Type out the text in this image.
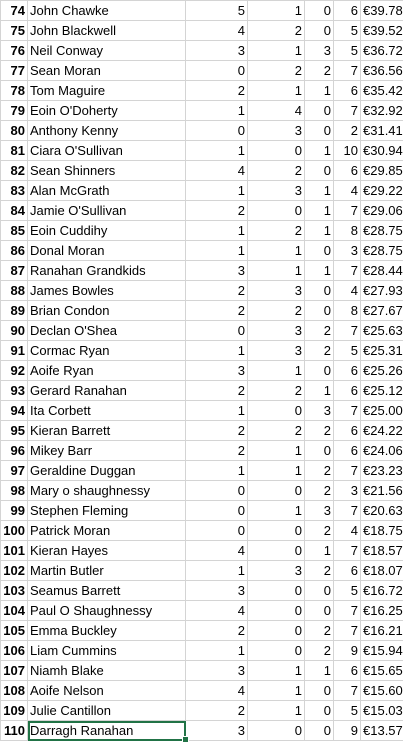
74	John Chawke	5	1	0	6	€39.78
75	John Blackwell	4	2	0	5	€39.52
76	Neil Conway	3	1	3	5	€36.72
77	Sean Moran	0	2	2	7	€36.56
78	Tom Maguire	2	1	1	6	€35.42
79	Eoin O'Doherty	1	4	0	7	€32.92
80	Anthony Kenny	0	3	0	2	€31.41
81	Ciara O'Sullivan	1	0	1	10	€30.94
82	Sean Shinners	4	2	0	6	€29.85
83	Alan McGrath	1	3	1	4	€29.22
84	Jamie O'Sullivan	2	0	1	7	€29.06
85	Eoin Cuddihy	1	2	1	8	€28.75
86	Donal Moran	1	1	0	3	€28.75
87	Ranahan Grandkids	3	1	1	7	€28.44
88	James Bowles	2	3	0	4	€27.93
89	Brian Condon	2	2	0	8	€27.67
90	Declan O'Shea	0	3	2	7	€25.63
91	Cormac Ryan	1	3	2	5	€25.31
92	Aoife Ryan	3	1	0	6	€25.26
93	Gerard Ranahan	2	2	1	6	€25.12
94	Ita Corbett	1	0	3	7	€25.00
95	Kieran Barrett	2	2	2	6	€24.22
96	Mikey Barr	2	1	0	6	€24.06
97	Geraldine Duggan	1	1	2	7	€23.23
98	Mary o shaughnessy	0	0	2	3	€21.56
99	Stephen Fleming	0	1	3	7	€20.63
100	Patrick Moran	0	0	2	4	€18.75
101	Kieran Hayes	4	0	1	7	€18.57
102	Martin Butler	1	3	2	6	€18.07
103	Seamus Barrett	3	0	0	5	€16.72
104	Paul O Shaughnessy	4	0	0	7	€16.25
105	Emma Buckley	2	0	2	7	€16.21
106	Liam Cummins	1	0	2	9	€15.94
107	Niamh Blake	3	1	1	6	€15.65
108	Aoife Nelson	4	1	0	7	€15.60
109	Julie Cantillon	2	1	0	5	€15.03
110	Darragh Ranahan	3	0	0	9	€13.57
